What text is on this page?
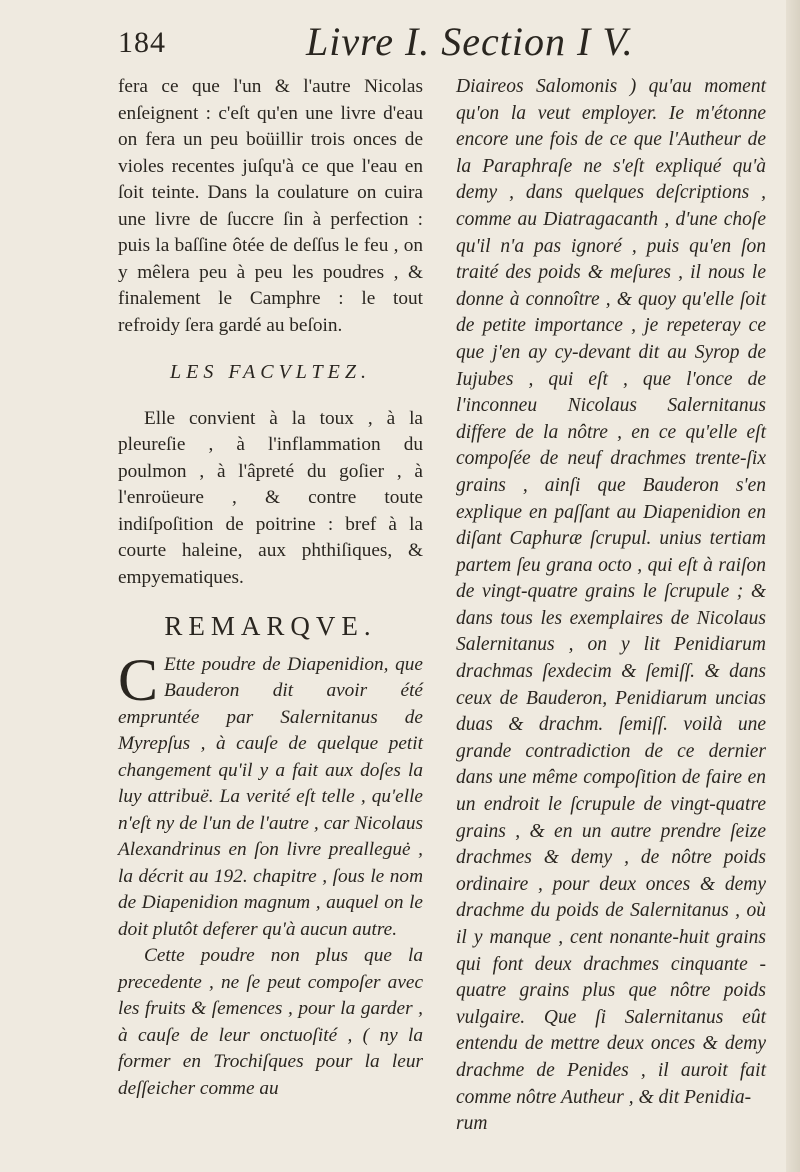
184	Livre I. Section I V.

fera ce que l'un & l'autre Nicolas enſeignent : c'eſt qu'en une livre d'eau on fera un peu boüillir trois onces de violes recentes juſqu'à ce que l'eau en ſoit teinte. Dans la coulature on cuira une livre de ſuccre ſin à perfection : puis la baſſine ôtée de deſſus le feu , on y mêlera peu à peu les poudres , & finalement le Camphre : le tout refroidy ſera gardé au beſoin.

LES FACVLTEZ.

Elle convient à la toux , à la pleureſie , à l'inflammation du poulmon , à l'âpreté du goſier , à l'enroüeure , & contre toute indiſpoſition de poitrine : bref à la courte haleine, aux phthiſiques, & empyematiques.

REMARQVE.

C Ette poudre de Diapenidion, que Bauderon dit avoir été empruntée par Salernitanus de Myrepſus , à cauſe de quelque petit changement qu'il y a fait aux doſes la luy attribuë. La verité eſt telle , qu'elle n'eſt ny de l'un de l'autre , car Nicolaus Alexandrinus en ſon livre prealleguė , la décrit au 192. chapitre , ſous le nom de Diapenidion magnum , auquel on le doit plutôt deferer qu'à aucun autre.

Cette poudre non plus que la precedente , ne ſe peut compoſer avec les fruits & ſemences , pour la garder , à cauſe de leur onctuoſité , ( ny la former en Trochiſques pour la leur deſſeicher comme au

Diaireos Salomonis ) qu'au moment qu'on la veut employer. Ie m'étonne encore une fois de ce que l'Autheur de la Paraphraſe ne s'eſt expliqué qu'à demy , dans quelques deſcriptions , comme au Diatragacanth , d'une choſe qu'il n'a pas ignoré , puis qu'en ſon traité des poids & meſures , il nous le donne à connoître , & quoy qu'elle ſoit de petite importance , je repeteray ce que j'en ay cy-devant dit au Syrop de Iujubes , qui eſt , que l'once de l'inconneu Nicolaus Salernitanus differe de la nôtre , en ce qu'elle eſt compoſée de neuf drachmes trente-ſix grains , ainſi que Bauderon s'en explique en paſſant au Diapenidion en diſant Caphuræ ſcrupul. unius tertiam partem ſeu grana octo , qui eſt à raiſon de vingt-quatre grains le ſcrupule ; & dans tous les exemplaires de Nicolaus Salernitanus , on y lit Penidiarum drachmas ſexdecim & ſemiſſ. & dans ceux de Bauderon, Penidiarum uncias duas & drachm. ſemiſſ. voilà une grande contradiction de ce dernier dans une même compoſition de faire en un endroit le ſcrupule de vingt-quatre grains , & en un autre prendre ſeize drachmes & demy , de nôtre poids ordinaire , pour deux onces & demy drachme du poids de Salernitanus , où il y manque , cent nonante-huit grains qui font deux drachmes cinquante - quatre grains plus que nôtre poids vulgaire. Que ſi Salernitanus eût entendu de mettre deux onces & demy drachme de Penides , il auroit fait comme nôtre Autheur , & dit Penidia-

rum
